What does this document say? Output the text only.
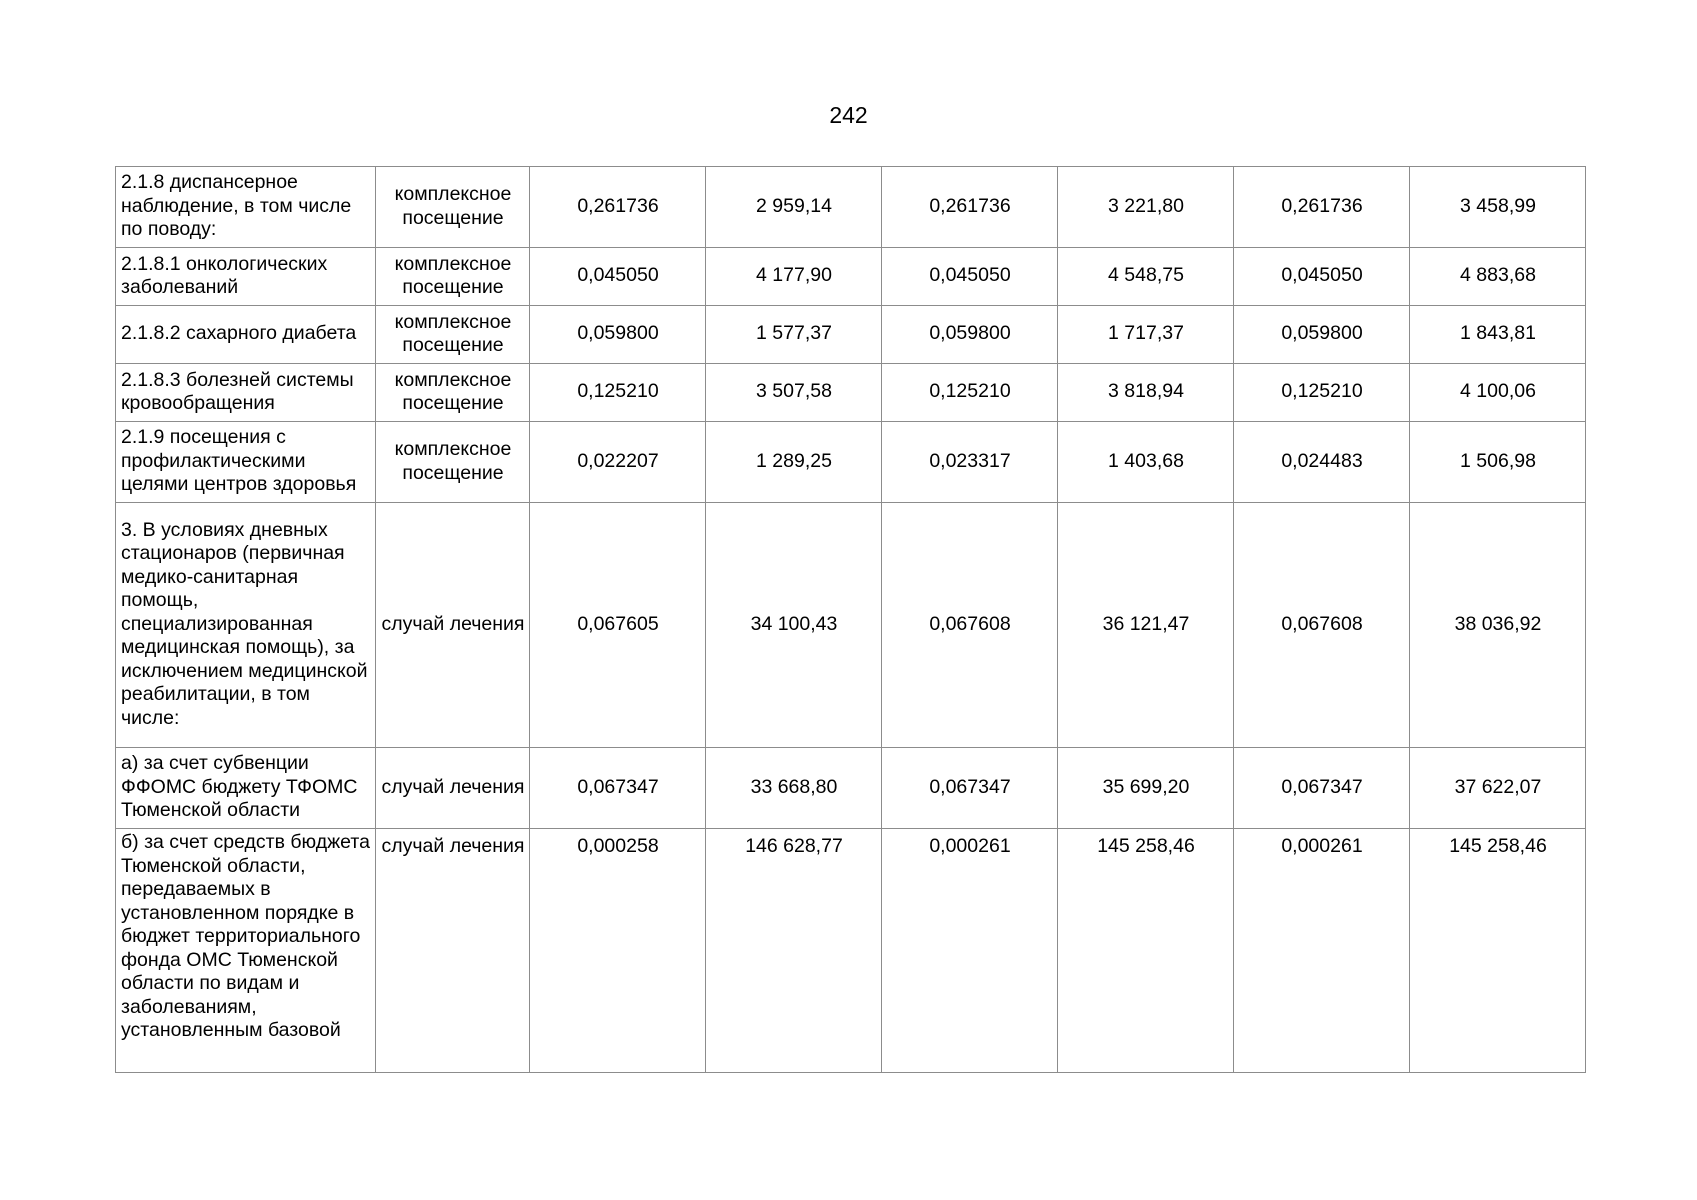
242
2.1.8 диспансерное наблюдение, в том числе по поводу:	комплексное посещение	0,261736	2 959,14	0,261736	3 221,80	0,261736	3 458,99
2.1.8.1 онкологических заболеваний	комплексное посещение	0,045050	4 177,90	0,045050	4 548,75	0,045050	4 883,68
2.1.8.2 сахарного диабета	комплексное посещение	0,059800	1 577,37	0,059800	1 717,37	0,059800	1 843,81
2.1.8.3 болезней системы кровообращения	комплексное посещение	0,125210	3 507,58	0,125210	3 818,94	0,125210	4 100,06
2.1.9 посещения с профилактическими целями центров здоровья	комплексное посещение	0,022207	1 289,25	0,023317	1 403,68	0,024483	1 506,98
3. В условиях дневных стационаров (первичная медико-санитарная помощь, специализированная медицинская помощь), за исключением медицинской реабилитации, в том числе:	случай лечения	0,067605	34 100,43	0,067608	36 121,47	0,067608	38 036,92
а) за счет субвенции ФФОМС бюджету ТФОМС Тюменской области	случай лечения	0,067347	33 668,80	0,067347	35 699,20	0,067347	37 622,07
б) за счет средств бюджета Тюменской области, передаваемых в установленном порядке в бюджет территориального фонда ОМС Тюменской области по видам и заболеваниям, установленным базовой	случай лечения	0,000258	146 628,77	0,000261	145 258,46	0,000261	145 258,46
